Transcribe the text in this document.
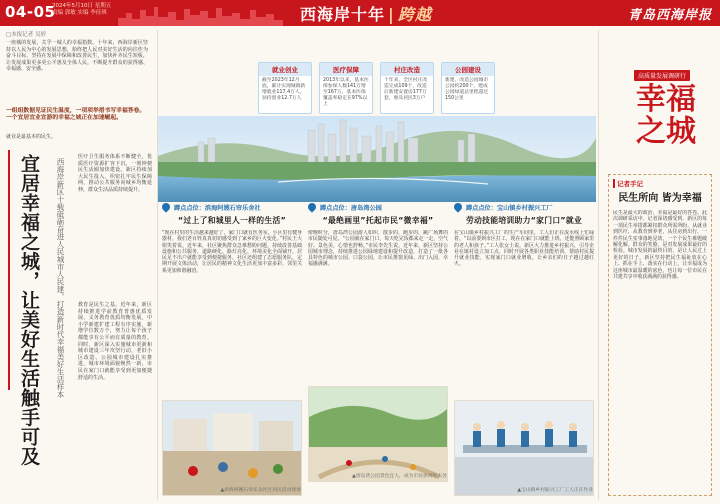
04-05
2024年5月10日 星期五
责编 郭敏 实编 李佳琪	西海岸十年 | 跨越	青岛西海岸报
□本报记者 吴婷
一座城的发展，关乎一城人的幸福指数。十年来，西海岸新区坚持以人民为中心的发展思想，始终把人民对美好生活的向往作为奋斗目标，坚持在发展中保障和改善民生，加快补齐民生短板，让发展成果更多更公平惠及全体人民，不断提升群众的获得感、幸福感、安全感。
一组组数据见证民生温度，一项项举措书写幸福答卷。一个宜居宜业宜游的幸福之城正在加速崛起。
就业是最基本的民生。
宜居幸福之城，让美好生活触手可及 西海岸新区十载砥砺奋进人民城市人民建，打造新时代幸福美好生活样本
医疗卫生服务体系不断健全，优质医疗资源扩容下沉，一刻钟便民生活圈加快建设。新区持续加大民生投入，织密扎牢民生保障网，推动公共服务向城乡均衡延伸，群众生活品质持续提升。
教育是民生之基。近年来，新区持续推进学前教育普惠优质发展、义务教育优质均衡发展，中小学新建扩建工程有序实施，新增学位数万个，努力让每个孩子都能享有公平而有质量的教育。同时，新区深入实施城市更新和城市建设三年攻坚行动，老旧小区改造、公园城市建设扎实推进，城市环境面貌焕然一新，市民在家门口就能享受到更加便捷舒适的生活。
就业创业
截至2023年12月底，累计实现城镇新增就业117.4万人，扶持创业12.7万人
医疗保障
2013年以来，基本医保参保人数141万增至167万，基本医保覆盖率稳定在97%以上
村庄改造
十年来，全区村庄改造完成109个，改造后新建安置房177万套，惠及居民3万户
公园建设
新建、改造公园城市公园约200个，建成公园绿道总里程超过150公里
蹲点点位：滨海阿嫂石帘乐舍社
“过上了和城里人一样的生活”
“现在村里的生活越来越好了，家门口就有医务室，小区里有健身器材，我们老百姓真真切切感受到了家乡的巨大变化。”村民王大姐笑着说。近年来，社区聚焦群众急难愁盼问题，持续改善基础设施和公共服务，道路硬化、路灯亮化、环境美化全面铺开，居民足不出户就能享受到便捷服务。社区还组建了志愿服务队，定期开展文体活动，让居民的精神文化生活更加丰富多彩，邻里关系更加和谐融洽。
▲滨海阿嫂石帘乐舍社区居民活动现场
蹲点点位：唐岛湾公园
“最绝画里”托起市民“微幸福”
傍晚时分，唐岛湾公园游人如织，散步的、跑步的、跳广场舞的市民随处可见。“公园就在家门口，每天吃完饭都来走一走，空气好、景色美，心情也舒畅。”市民李先生说。近年来，新区坚持公园城市理念，持续推进公园绿地建设和提升改造，打造了一批各具特色的城市公园、口袋公园，让市民推窗见绿、出门入园，幸福感满满。
▲唐岛湾公园景色宜人，成为市民休闲好去处
蹲点点位：宝山镇乡村振兴工厂
劳动技能培训助力“家门口”就业
在宝山镇乡村振兴工厂的生产车间里，工人们正在流水线上忙碌着。“以前要到市区打工，现在在家门口就能上班，还能照顾家里的老人和孩子。”工人张女士说。新区大力推进乡村振兴，引导企业在镇村设立加工点，同时开展各类职业技能培训，帮助村民提升就业技能，实现家门口就业增收，让乡亲们的日子越过越红火。
▲宝山镇乡村振兴工厂工人正在作业
高质量发展调研行
幸福之城
记者手记
民生所向 皆为幸福
民生是最大的政治，幸福是最好的答卷。此次调研采访中，记者深切感受到，新区的每一项民生举措都紧扣群众所需所盼，从就业到医疗，从教育到养老，从住房到出行，一件件民生实事落地见效，一个个民生难题破解化解。群众的笑脸，是对发展成果最好的检验。城市发展的最终目的，是让人民过上更好的日子。新区坚持把民生福祉放在心上、抓在手上、落实在行动上，让幸福成为这座城市最温暖的底色，也让每一位市民在共建共享中收获满满的获得感。
